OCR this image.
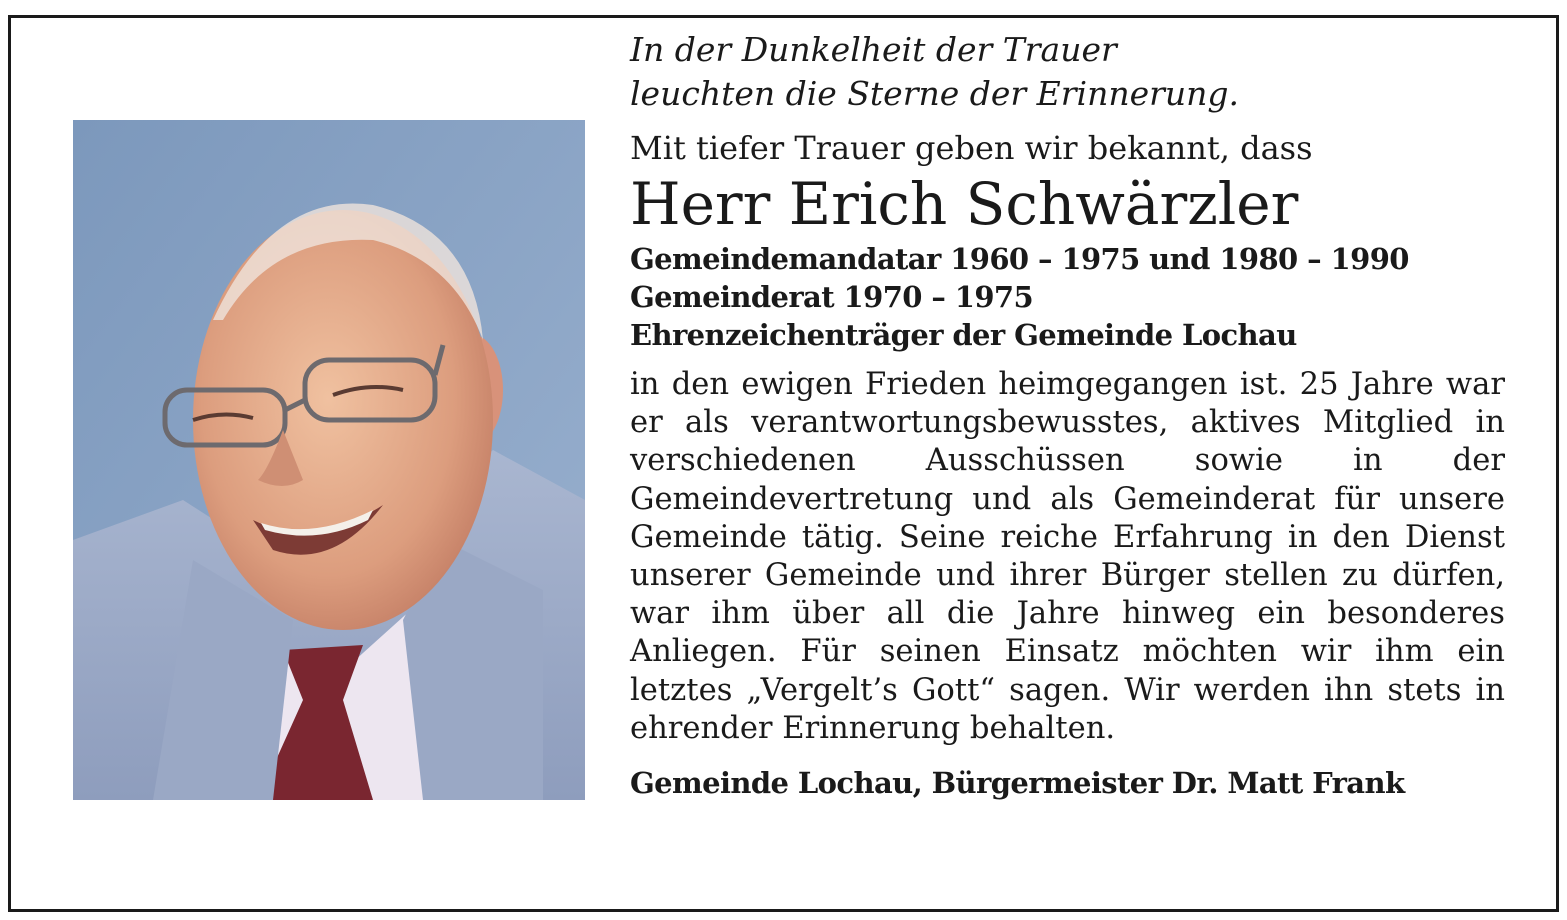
In der Dunkelheit der Trauer

leuchten die Sterne der Erinnerung.

Mit tiefer Trauer geben wir bekannt, dass

Herr Erich Schwärzler

Gemeindemandatar 1960 – 1975 und 1980 – 1990

Gemeinderat 1970 – 1975

Ehrenzeichenträger der Gemeinde Lochau

in den ewigen Frieden heimgegangen ist. 25 Jahre war er als verantwortungsbewusstes, aktives Mitglied in verschiedenen Ausschüssen sowie in der Gemeindevertretung und als Gemeinderat für unsere Gemeinde tätig. Seine reiche Erfahrung in den Dienst unserer Gemeinde und ihrer Bürger stellen zu dürfen, war ihm über all die Jahre hinweg ein besonderes Anliegen. Für seinen Einsatz möchten wir ihm ein letztes „Vergelt’s Gott“ sagen. Wir werden ihn stets in ehrender Erinnerung behalten.

Gemeinde Lochau, Bürgermeister Dr. Matt Frank
